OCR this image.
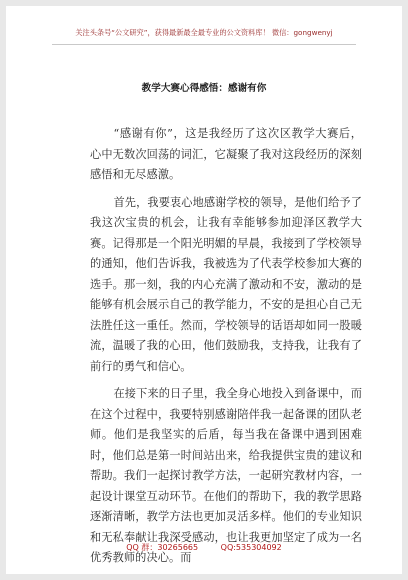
关注头条号“公文研究”，获得最新最全最专业的公文资料库！ 微信：gongwenyj
教学大赛心得感悟：感谢有你

“感谢有你”，这是我经历了这次区教学大赛后，心中无数次回荡的词汇，它凝聚了我对这段经历的深刻感悟和无尽感激。

首先，我要衷心地感谢学校的领导，是他们给予了我这次宝贵的机会，让我有幸能够参加迎泽区教学大赛。记得那是一个阳光明媚的早晨，我接到了学校领导的通知，他们告诉我，我被选为了代表学校参加大赛的选手。那一刻，我的内心充满了激动和不安，激动的是能够有机会展示自己的教学能力，不安的是担心自己无法胜任这一重任。然而，学校领导的话语却如同一股暖流，温暖了我的心田，他们鼓励我，支持我，让我有了前行的勇气和信心。

在接下来的日子里，我全身心地投入到备课中，而在这个过程中，我要特别感谢陪伴我一起备课的团队老师。他们是我坚实的后盾，每当我在备课中遇到困难时，他们总是第一时间站出来，给我提供宝贵的建议和帮助。我们一起探讨教学方法，一起研究教材内容，一起设计课堂互动环节。在他们的帮助下，我的教学思路逐渐清晰，教学方法也更加灵活多样。他们的专业知识和无私奉献让我深受感动，也让我更加坚定了成为一名优秀教师的决心。而

QQ 群：30265665	QQ:535304092
